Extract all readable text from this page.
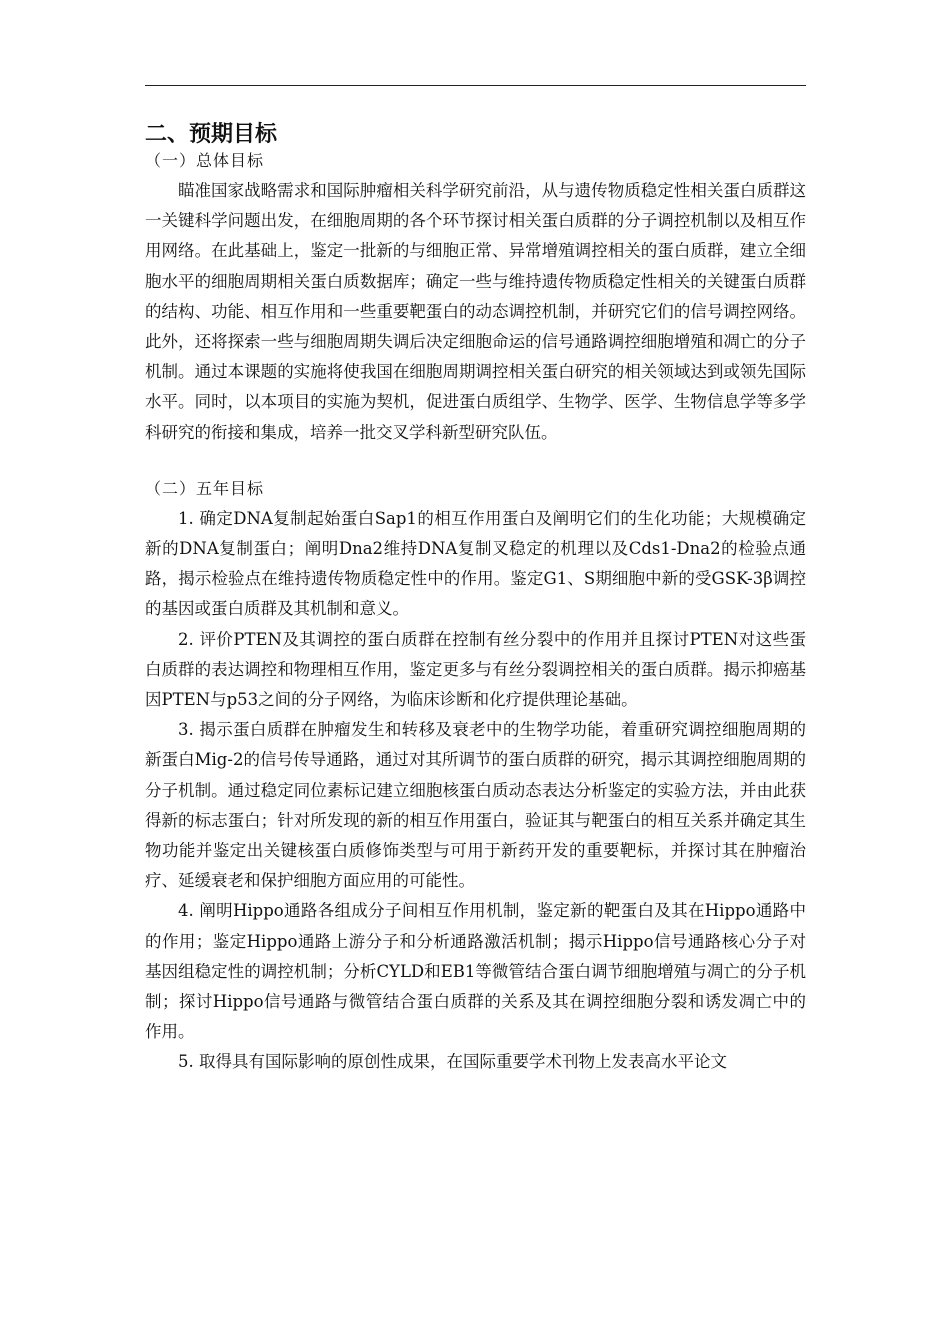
二、预期目标
（一）总体目标

瞄准国家战略需求和国际肿瘤相关科学研究前沿，从与遗传物质稳定性相关蛋白质群这一关键科学问题出发，在细胞周期的各个环节探讨相关蛋白质群的分子调控机制以及相互作用网络。在此基础上，鉴定一批新的与细胞正常、异常增殖调控相关的蛋白质群，建立全细胞水平的细胞周期相关蛋白质数据库；确定一些与维持遗传物质稳定性相关的关键蛋白质群的结构、功能、相互作用和一些重要靶蛋白的动态调控机制，并研究它们的信号调控网络。此外，还将探索一些与细胞周期失调后决定细胞命运的信号通路调控细胞增殖和凋亡的分子机制。通过本课题的实施将使我国在细胞周期调控相关蛋白研究的相关领域达到或领先国际水平。同时，以本项目的实施为契机，促进蛋白质组学、生物学、医学、生物信息学等多学科研究的衔接和集成，培养一批交叉学科新型研究队伍。

（二）五年目标

1. 确定DNA复制起始蛋白Sap1的相互作用蛋白及阐明它们的生化功能；大规模确定新的DNA复制蛋白；阐明Dna2维持DNA复制叉稳定的机理以及Cds1-Dna2的检验点通路，揭示检验点在维持遗传物质稳定性中的作用。鉴定G1、S期细胞中新的受GSK-3β调控的基因或蛋白质群及其机制和意义。

2. 评价PTEN及其调控的蛋白质群在控制有丝分裂中的作用并且探讨PTEN对这些蛋白质群的表达调控和物理相互作用，鉴定更多与有丝分裂调控相关的蛋白质群。揭示抑癌基因PTEN与p53之间的分子网络，为临床诊断和化疗提供理论基础。

3. 揭示蛋白质群在肿瘤发生和转移及衰老中的生物学功能，着重研究调控细胞周期的新蛋白Mig-2的信号传导通路，通过对其所调节的蛋白质群的研究，揭示其调控细胞周期的分子机制。通过稳定同位素标记建立细胞核蛋白质动态表达分析鉴定的实验方法，并由此获得新的标志蛋白；针对所发现的新的相互作用蛋白，验证其与靶蛋白的相互关系并确定其生物功能并鉴定出关键核蛋白质修饰类型与可用于新药开发的重要靶标，并探讨其在肿瘤治疗、延缓衰老和保护细胞方面应用的可能性。

4. 阐明Hippo通路各组成分子间相互作用机制，鉴定新的靶蛋白及其在Hippo通路中的作用；鉴定Hippo通路上游分子和分析通路激活机制；揭示Hippo信号通路核心分子对基因组稳定性的调控机制；分析CYLD和EB1等微管结合蛋白调节细胞增殖与凋亡的分子机制；探讨Hippo信号通路与微管结合蛋白质群的关系及其在调控细胞分裂和诱发凋亡中的作用。

5. 取得具有国际影响的原创性成果，在国际重要学术刊物上发表高水平论文
